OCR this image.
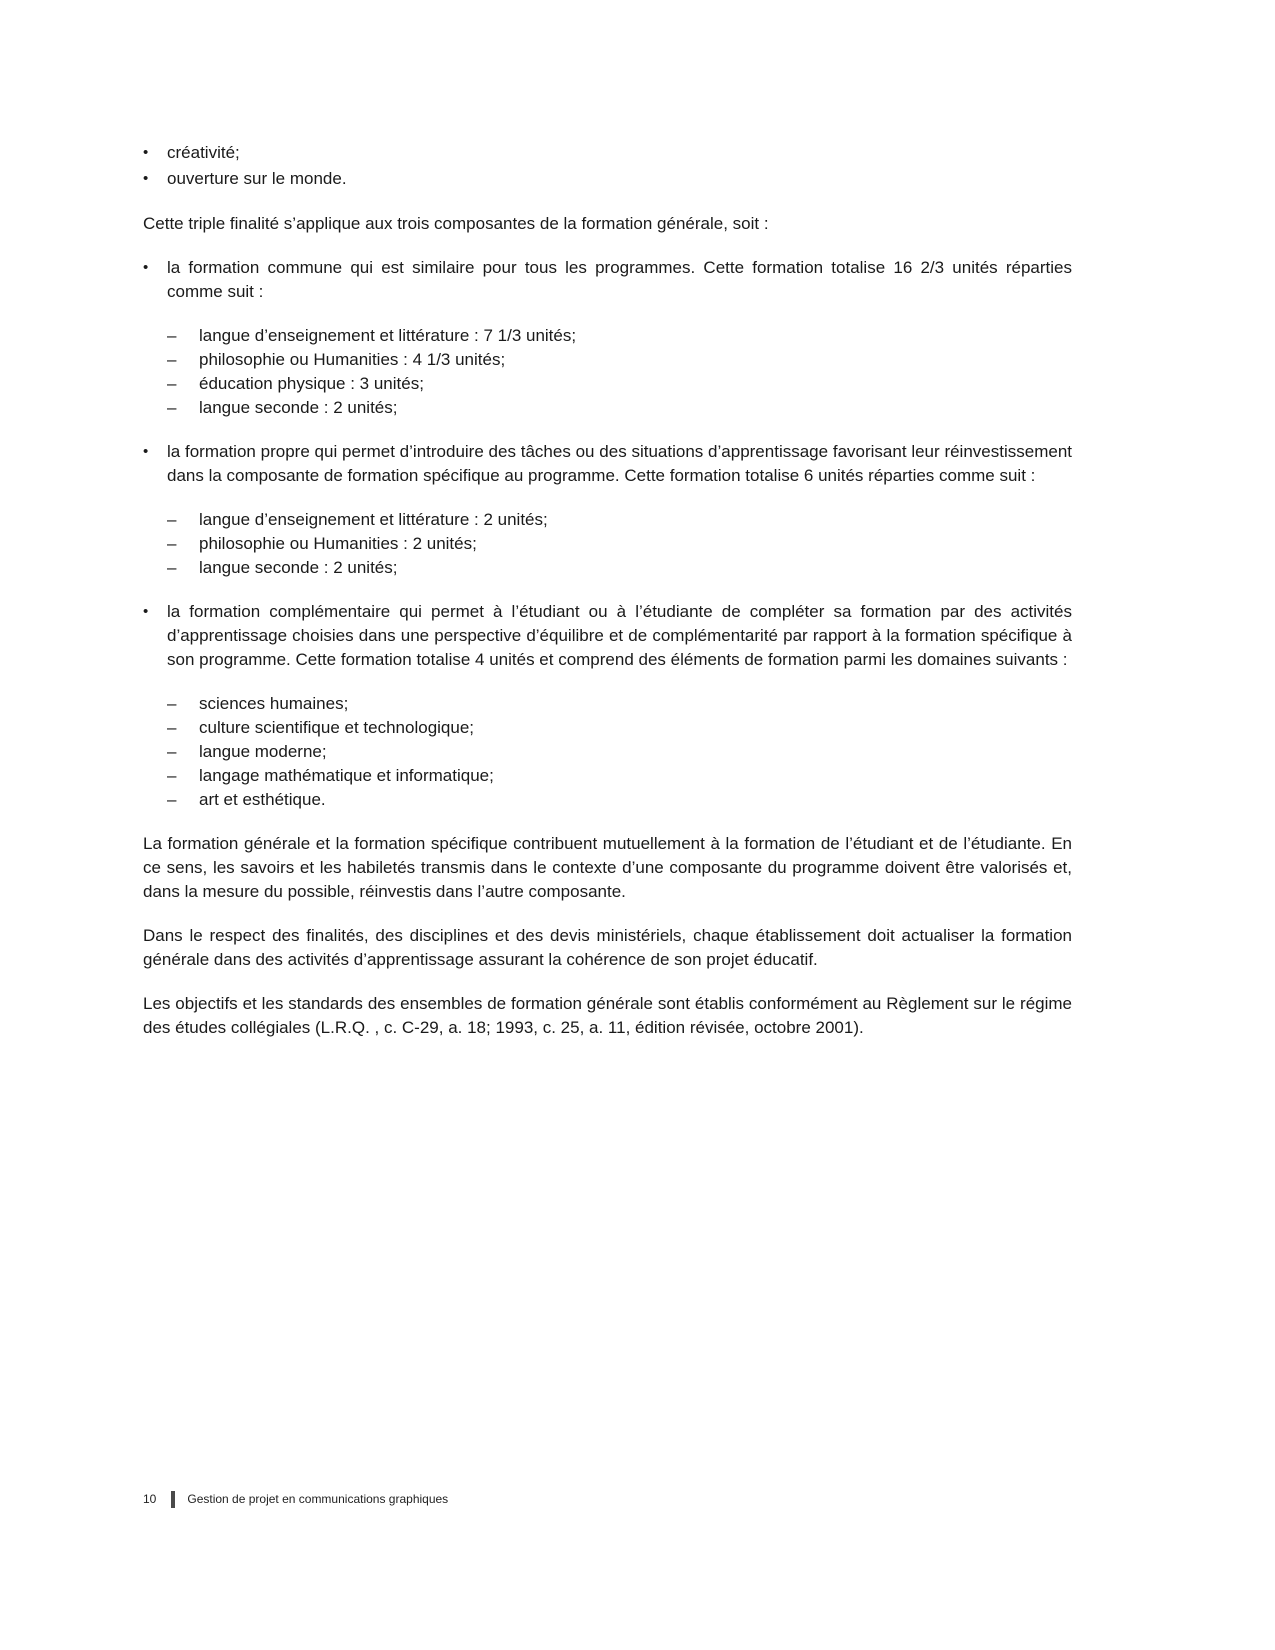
•	créativité;
•	ouverture sur le monde.

Cette triple finalité s’applique aux trois composantes de la formation générale, soit :

•	la formation commune qui est similaire pour tous les programmes. Cette formation totalise 16 2/3 unités réparties comme suit :
–	langue d’enseignement et littérature : 7 1/3 unités;
–	philosophie ou Humanities : 4 1/3 unités;
–	éducation physique : 3 unités;
–	langue seconde : 2 unités;
•	la formation propre qui permet d’introduire des tâches ou des situations d’apprentissage favorisant leur réinvestissement dans la composante de formation spécifique au programme. Cette formation totalise 6 unités réparties comme suit :
–	langue d’enseignement et littérature : 2 unités;
–	philosophie ou Humanities : 2 unités;
–	langue seconde : 2 unités;
•	la formation complémentaire qui permet à l’étudiant ou à l’étudiante de compléter sa formation par des activités d’apprentissage choisies dans une perspective d’équilibre et de complémentarité par rapport à la formation spécifique à son programme. Cette formation totalise 4 unités et comprend des éléments de formation parmi les domaines suivants :
–	sciences humaines;
–	culture scientifique et technologique;
–	langue moderne;
–	langage mathématique et informatique;
–	art et esthétique.

La formation générale et la formation spécifique contribuent mutuellement à la formation de l’étudiant et de l’étudiante. En ce sens, les savoirs et les habiletés transmis dans le contexte d’une composante du programme doivent être valorisés et, dans la mesure du possible, réinvestis dans l’autre composante.

Dans le respect des finalités, des disciplines et des devis ministériels, chaque établissement doit actualiser la formation générale dans des activités d’apprentissage assurant la cohérence de son projet éducatif.

Les objectifs et les standards des ensembles de formation générale sont établis conformément au Règlement sur le régime des études collégiales (L.R.Q. , c. C-29, a. 18; 1993, c. 25, a. 11, édition révisée, octobre 2001).

10	Gestion de projet en communications graphiques
